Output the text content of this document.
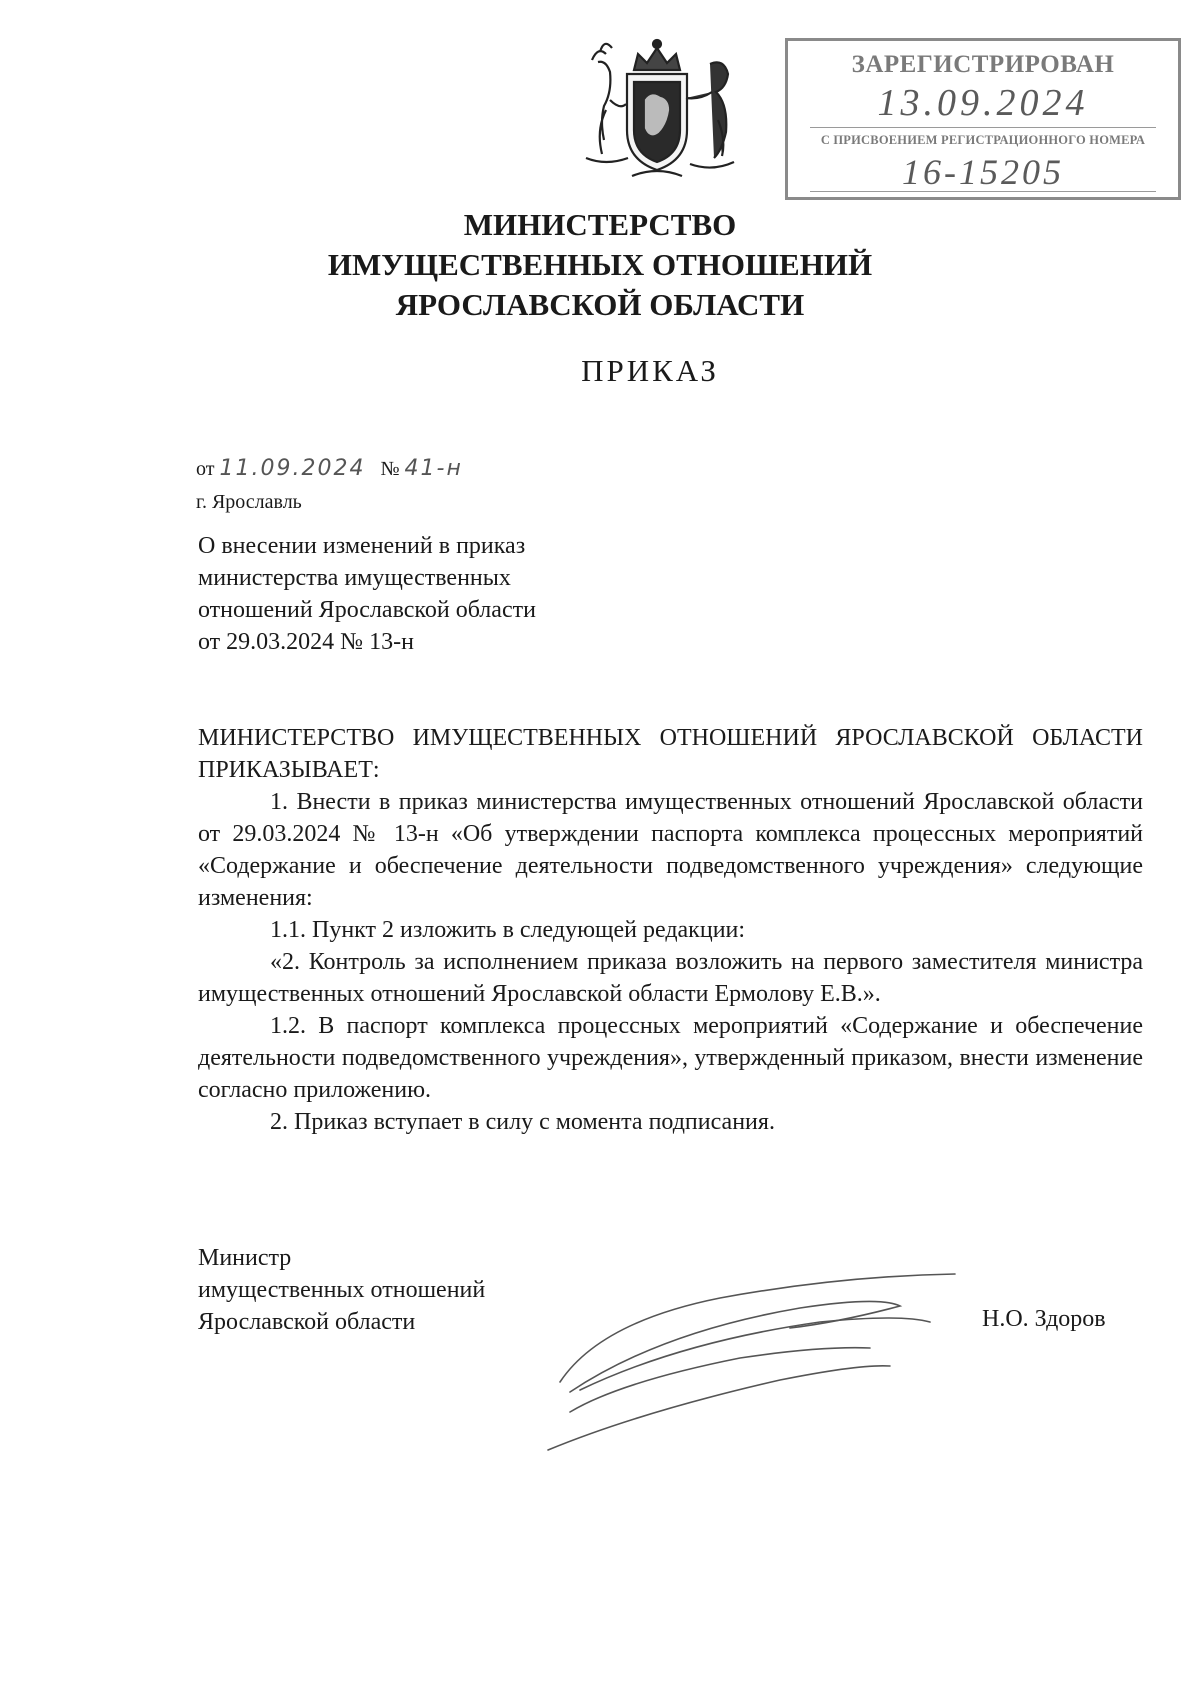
ЗАРЕГИСТРИРОВАН
13.09.2024
С ПРИСВОЕНИЕМ РЕГИСТРАЦИОННОГО НОМЕРА
16-15205
МИНИСТЕРСТВО
ИМУЩЕСТВЕННЫХ ОТНОШЕНИЙ
ЯРОСЛАВСКОЙ ОБЛАСТИ
ПРИКАЗ
от 11.09.2024 № 41-н
г. Ярославль
О внесении изменений в приказ
министерства имущественных
отношений Ярославской области
от 29.03.2024 № 13-н

МИНИСТЕРСТВО ИМУЩЕСТВЕННЫХ ОТНОШЕНИЙ ЯРОСЛАВСКОЙ ОБЛАСТИ ПРИКАЗЫВАЕТ:

1. Внести в приказ министерства имущественных отношений Ярославской области от 29.03.2024 № 13-н «Об утверждении паспорта комплекса процессных мероприятий «Содержание и обеспечение деятельности подведомственного учреждения» следующие изменения:

1.1. Пункт 2 изложить в следующей редакции:

«2. Контроль за исполнением приказа возложить на первого заместителя министра имущественных отношений Ярославской области Ермолову Е.В.».

1.2. В паспорт комплекса процессных мероприятий «Содержание и обеспечение деятельности подведомственного учреждения», утвержденный приказом, внести изменение согласно приложению.

2. Приказ вступает в силу с момента подписания.

Министр
имущественных отношений
Ярославской области	Н.О. Здоров
